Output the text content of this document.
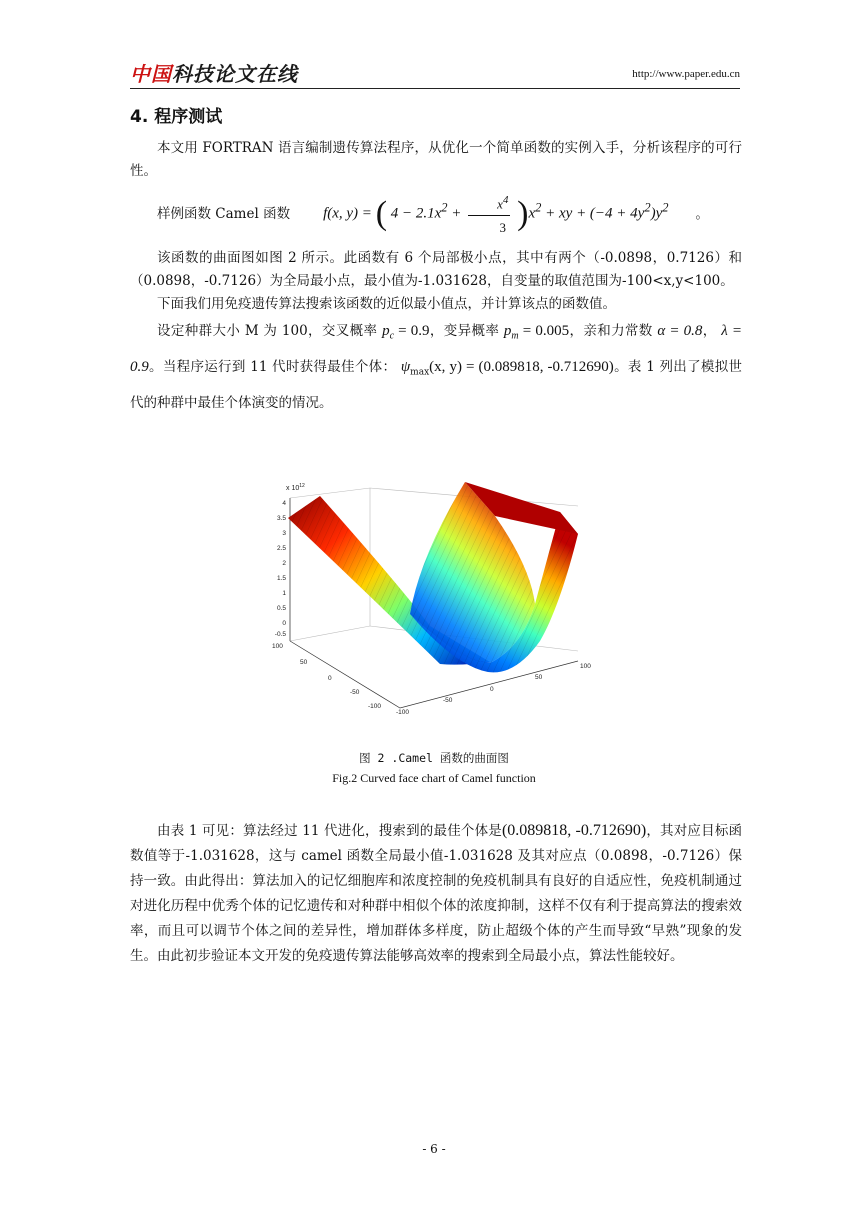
中国科技论文在线	http://www.paper.edu.cn
4. 程序测试

本文用 FORTRAN 语言编制遗传算法程序，从优化一个简单函数的实例入手，分析该程序的可行性。

样例函数 Camel 函数	f(x, y) = ( $4 - 2.1x^2 + \frac{x^4}{3} )x^2$ + xy + $(-4 + 4y^2)y^2$	。

该函数的曲面图如图 2 所示。此函数有 6 个局部极小点，其中有两个（-0.0898，0.7126）和（0.0898，-0.7126）为全局最小点，最小值为-1.031628，自变量的取值范围为-100<x,y<100。

下面我们用免疫遗传算法搜索该函数的近似最小值点，并计算该点的函数值。

设定种群大小 M 为 100，交叉概率 $p_c = 0.9$，变异概率 $p_m = 0.005$，亲和力常数 α = 0.8， λ = 0.9。当程序运行到 11 代时获得最佳个体： $\psi_{max}(x$, y) = (0.089818, -0.712690)。表 1 列出了模拟世代的种群中最佳个体演变的情况。

x $10^{12}$
4
3.5
3
2.5
2
1.5
1
0.5
0
-0.5
100
50
0
-50
-100
-100
-50
0
50
100
图 2 .Camel 函数的曲面图
Fig.2 Curved face chart of Camel function

由表 1 可见：算法经过 11 代进化，搜索到的最佳个体是(0.089818, -0.712690)，其对应目标函数值等于-1.031628，这与 camel 函数全局最小值-1.031628 及其对应点（0.0898，-0.7126）保持一致。由此得出：算法加入的记忆细胞库和浓度控制的免疫机制具有良好的自适应性，免疫机制通过对进化历程中优秀个体的记忆遗传和对种群中相似个体的浓度抑制，这样不仅有利于提高算法的搜索效率，而且可以调节个体之间的差异性，增加群体多样度，防止超级个体的产生而导致“早熟”现象的发生。由此初步验证本文开发的免疫遗传算法能够高效率的搜索到全局最小点，算法性能较好。

- 6 -
